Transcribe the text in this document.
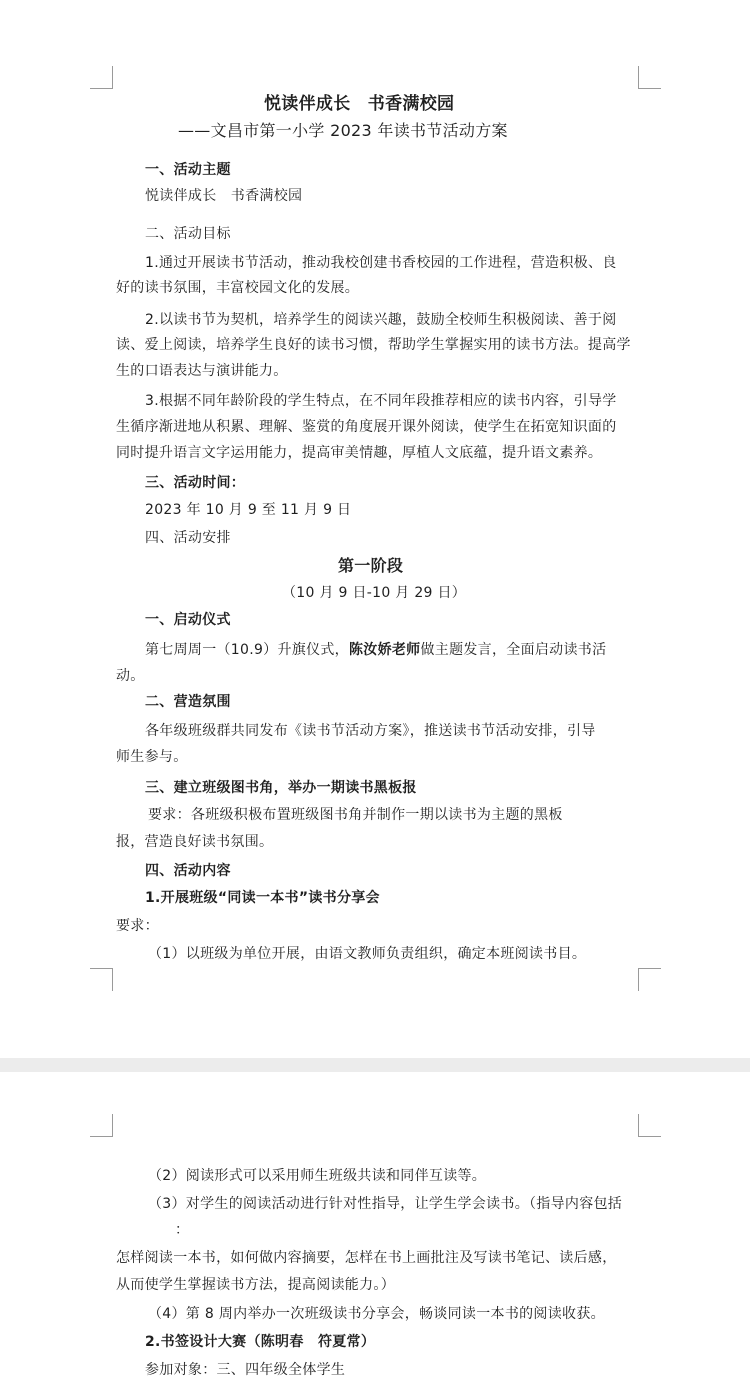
悦读伴成长　书香满校园
——文昌市第一小学 2023 年读书节活动方案
一、活动主题
悦读伴成长　书香满校园
二、活动目标
1.通过开展读书节活动，推动我校创建书香校园的工作进程，营造积极、良
好的读书氛围，丰富校园文化的发展。
2.以读书节为契机，培养学生的阅读兴趣，鼓励全校师生积极阅读、善于阅
读、爱上阅读，培养学生良好的读书习惯，帮助学生掌握实用的读书方法。提高学
生的口语表达与演讲能力。
3.根据不同年龄阶段的学生特点，在不同年段推荐相应的读书内容，引导学
生循序渐进地从积累、理解、鉴赏的角度展开课外阅读，使学生在拓宽知识面的
同时提升语言文字运用能力，提高审美情趣，厚植人文底蕴，提升语文素养。
三、活动时间：
2023 年 10 月 9 至 11 月 9 日
四、活动安排
第一阶段
（10 月 9 日-10 月 29 日）
一、启动仪式
第七周周一（10.9）升旗仪式，陈汝娇老师做主题发言，全面启动读书活
动。
二、营造氛围
各年级班级群共同发布《读书节活动方案》，推送读书节活动安排，引导
师生参与。
三、建立班级图书角，举办一期读书黑板报
要求：各班级积极布置班级图书角并制作一期以读书为主题的黑板
报，营造良好读书氛围。
四、活动内容
1.开展班级“同读一本书”读书分享会
要求：
（1）以班级为单位开展，由语文教师负责组织，确定本班阅读书目。
（2）阅读形式可以采用师生班级共读和同伴互读等。
（3）对学生的阅读活动进行针对性指导，让学生学会读书。（指导内容包括
：
怎样阅读一本书，如何做内容摘要，怎样在书上画批注及写读书笔记、读后感，
从而使学生掌握读书方法，提高阅读能力。）
（4）第 8 周内举办一次班级读书分享会，畅谈同读一本书的阅读收获。
2.书签设计大赛（陈明春　符夏常）
参加对象：三、四年级全体学生
